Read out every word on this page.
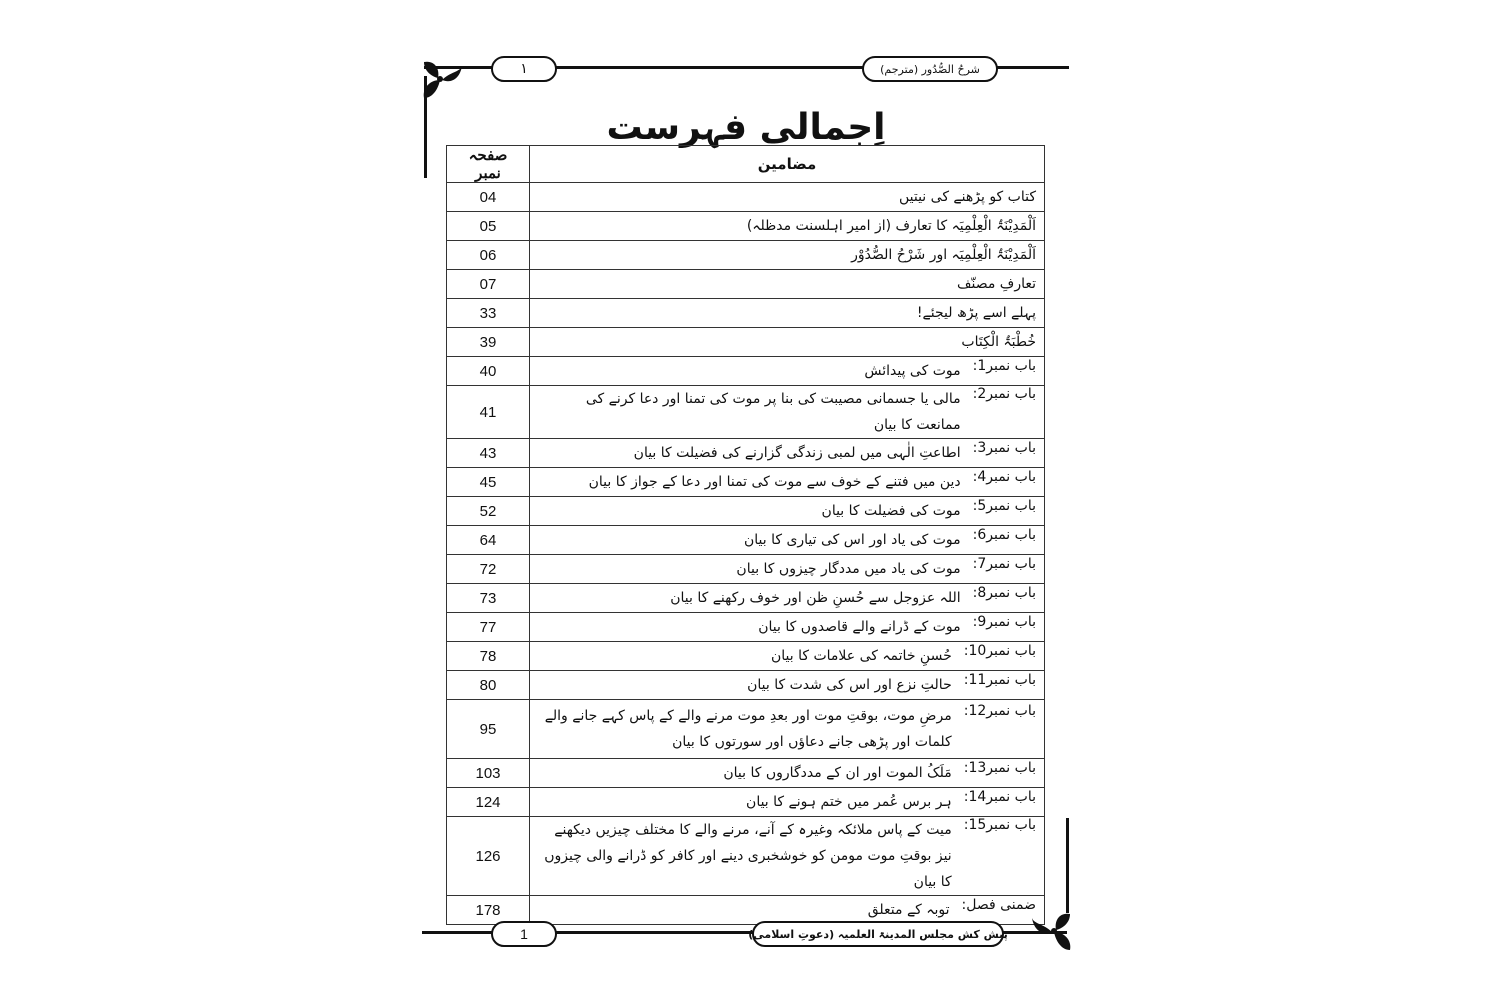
١	شرحُ الصُّدُور (مترجم)
اِجمالی فہرست
مضامین	صفحہ نمبر

کتاب کو پڑھنے کی نیتیں	04

اَلْمَدِیْنَۃُ الْعِلْمِیَہ کا تعارف (از امیر اہلسنت مدظلہ)	05

اَلْمَدِیْنَۃُ الْعِلْمِیَہ اور شَرْحُ الصُّدُوْر	06

تعارفِ مصنّف	07

پہلے اسے پڑھ لیجئے!	33

خُطْبَۃُ الْکِتَاب	39

باب نمبر1:
موت کی پیدائش	40

باب نمبر2:
مالی یا جسمانی مصیبت کی بنا پر موت کی تمنا اور دعا کرنے کی ممانعت کا بیان	41

باب نمبر3:
اطاعتِ الٰہی میں لمبی زندگی گزارنے کی فضیلت کا بیان	43

باب نمبر4:
دین میں فتنے کے خوف سے موت کی تمنا اور دعا کے جواز کا بیان	45

باب نمبر5:
موت کی فضیلت کا بیان	52

باب نمبر6:
موت کی یاد اور اس کی تیاری کا بیان	64

باب نمبر7:
موت کی یاد میں مددگار چیزوں کا بیان	72

باب نمبر8:
اللہ عزوجل سے حُسنِ ظن اور خوف رکھنے کا بیان	73

باب نمبر9:
موت کے ڈرانے والے قاصدوں کا بیان	77

باب نمبر10:
حُسنِ خاتمہ کی علامات کا بیان	78

باب نمبر11:
حالتِ نزع اور اس کی شدت کا بیان	80

باب نمبر12:
مرضِ موت، بوقتِ موت اور بعدِ موت مرنے والے کے پاس کہے جانے والے کلمات اور پڑھی جانے دعاؤں اور سورتوں کا بیان	95

باب نمبر13:
مَلَکُ الموت اور ان کے مددگاروں کا بیان	103

باب نمبر14:
ہر برس عُمر میں ختم ہونے کا بیان	124

باب نمبر15:
میت کے پاس ملائکہ وغیرہ کے آنے، مرنے والے کا مختلف چیزیں دیکھنے نیز بوقتِ موت مومن کو خوشخبری دینے اور کافر کو ڈرانے والی چیزوں کا بیان	126

ضمنی فصل:
توبہ کے متعلق	178
1	پیش کش مجلس المدینۃ العلمیہ (دعوتِ اسلامی)
